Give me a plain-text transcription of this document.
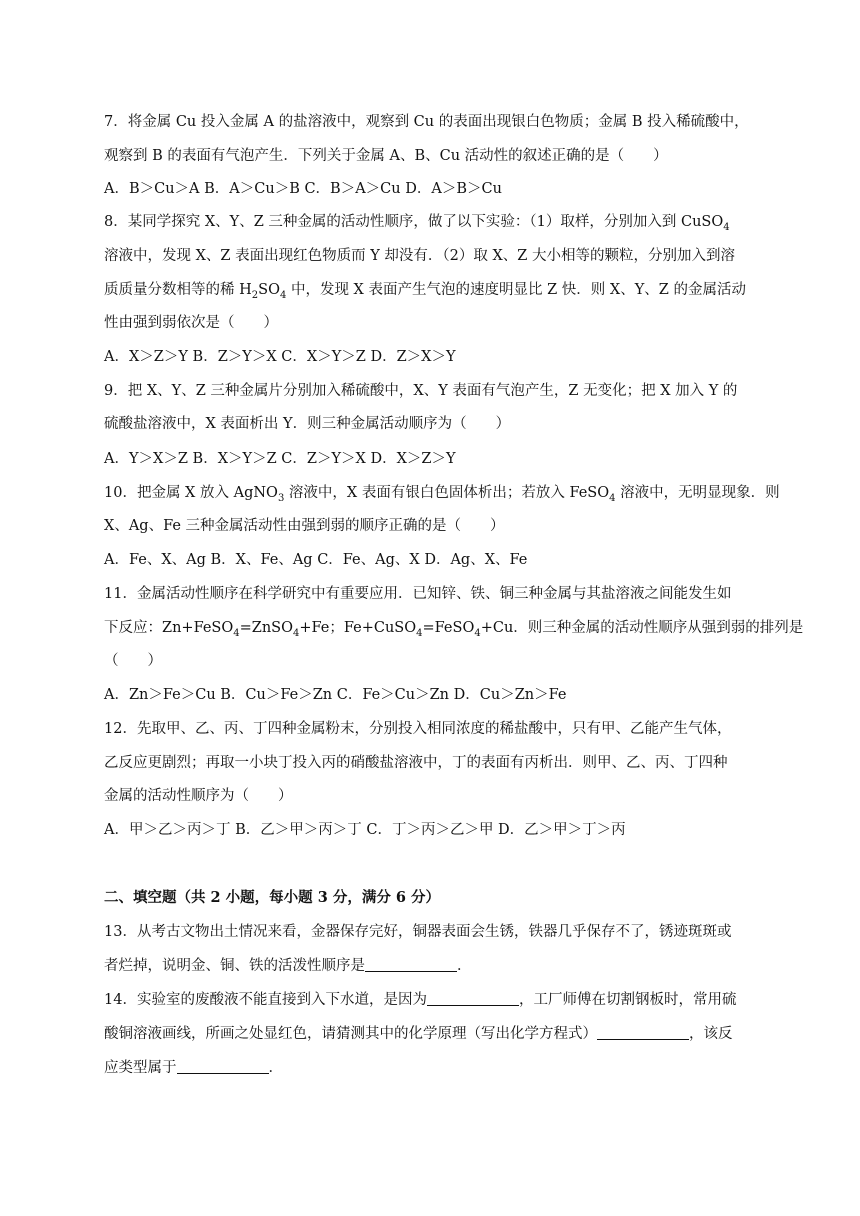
7．将金属 Cu 投入金属 A 的盐溶液中，观察到 Cu 的表面出现银白色物质；金属 B 投入稀硫酸中，
观察到 B 的表面有气泡产生．下列关于金属 A、B、Cu 活动性的叙述正确的是（　　）
A．B＞Cu＞A B．A＞Cu＞B C．B＞A＞Cu D．A＞B＞Cu
8．某同学探究 X、Y、Z 三种金属的活动性顺序，做了以下实验：（1）取样，分别加入到 CuSO$_4$
溶液中，发现 X、Z 表面出现红色物质而 Y 却没有．（2）取 X、Z 大小相等的颗粒，分别加入到溶
质质量分数相等的稀 $H_2SO_4$ 中，发现 X 表面产生气泡的速度明显比 Z 快．则 X、Y、Z 的金属活动
性由强到弱依次是（　　）
A．X＞Z＞Y B．Z＞Y＞X C．X＞Y＞Z D．Z＞X＞Y
9．把 X、Y、Z 三种金属片分别加入稀硫酸中，X、Y 表面有气泡产生，Z 无变化；把 X 加入 Y 的
硫酸盐溶液中，X 表面析出 Y．则三种金属活动顺序为（　　）
A．Y＞X＞Z B．X＞Y＞Z C．Z＞Y＞X D．X＞Z＞Y
10．把金属 X 放入 AgNO$_3$ 溶液中，X 表面有银白色固体析出；若放入 FeSO$_4$ 溶液中，无明显现象．则
X、Ag、Fe 三种金属活动性由强到弱的顺序正确的是（　　）
A．Fe、X、Ag B．X、Fe、Ag C．Fe、Ag、X D．Ag、X、Fe
11．金属活动性顺序在科学研究中有重要应用．已知锌、铁、铜三种金属与其盐溶液之间能发生如
下反应：Zn+FeSO$_4$=ZnSO$_4$+Fe；Fe+CuSO$_4$=FeSO$_4$+Cu．则三种金属的活动性顺序从强到弱的排列是
（　　）
A．Zn＞Fe＞Cu B．Cu＞Fe＞Zn C．Fe＞Cu＞Zn D．Cu＞Zn＞Fe
12．先取甲、乙、丙、丁四种金属粉末，分别投入相同浓度的稀盐酸中，只有甲、乙能产生气体，
乙反应更剧烈；再取一小块丁投入丙的硝酸盐溶液中，丁的表面有丙析出．则甲、乙、丙、丁四种
金属的活动性顺序为（　　）
A．甲＞乙＞丙＞丁 B．乙＞甲＞丙＞丁 C．丁＞丙＞乙＞甲 D．乙＞甲＞丁＞丙
二、填空题（共 2 小题，每小题 3 分，满分 6 分）
13．从考古文物出土情况来看，金器保存完好，铜器表面会生锈，铁器几乎保存不了，锈迹斑斑或
者烂掉，说明金、铜、铁的活泼性顺序是	．
14．实验室的废酸液不能直接到入下水道，是因为	，工厂师傅在切割钢板时，常用硫
酸铜溶液画线，所画之处显红色，请猜测其中的化学原理（写出化学方程式）	，该反
应类型属于	．
